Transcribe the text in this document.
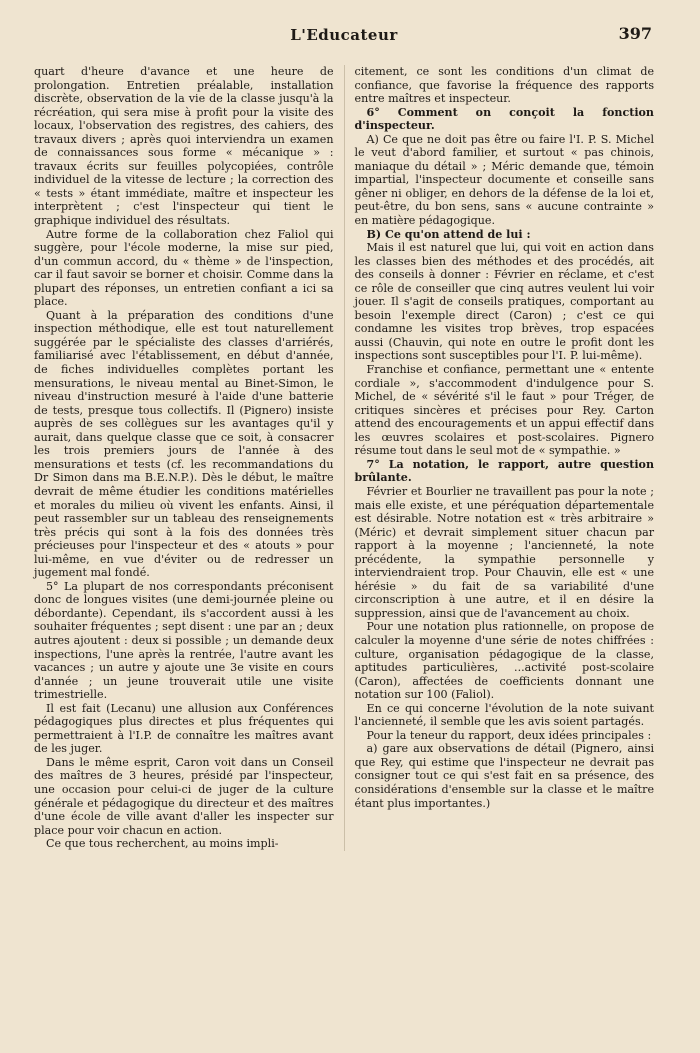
L'Educateur	397

quart d'heure d'avance et une heure de prolongation. Entretien préalable, installation discrète, observation de la vie de la classe jusqu'à la récréation, qui sera mise à profit pour la visite des locaux, l'observation des registres, des cahiers, des travaux divers ; après quoi interviendra un examen de connaissances sous forme « mécanique » : travaux écrits sur feuilles polycopiées, contrôle individuel de la vitesse de lecture ; la correction des « tests » étant immédiate, maître et inspecteur les interprètent ; c'est l'inspecteur qui tient le graphique individuel des résultats.

Autre forme de la collaboration chez Faliol qui suggère, pour l'école moderne, la mise sur pied, d'un commun accord, du « thème » de l'inspection, car il faut savoir se borner et choisir. Comme dans la plupart des réponses, un entretien confiant a ici sa place.

Quant à la préparation des conditions d'une inspection méthodique, elle est tout naturellement suggérée par le spécialiste des classes d'arriérés, familiarisé avec l'établissement, en début d'année, de fiches individuelles complètes portant les mensurations, le niveau mental au Binet-Simon, le niveau d'instruction mesuré à l'aide d'une batterie de tests, presque tous collectifs. Il (Pignero) insiste auprès de ses collègues sur les avantages qu'il y aurait, dans quelque classe que ce soit, à consacrer les trois premiers jours de l'année à des mensurations et tests (cf. les recommandations du Dr Simon dans ma B.E.N.P.). Dès le début, le maître devrait de même étudier les conditions matérielles et morales du milieu où vivent les enfants. Ainsi, il peut rassembler sur un tableau des renseignements très précis qui sont à la fois des données très précieuses pour l'inspecteur et des « atouts » pour lui-même, en vue d'éviter ou de redresser un jugement mal fondé.

5° La plupart de nos correspondants préconisent donc de longues visites (une demi-journée pleine ou débordante). Cependant, ils s'accordent aussi à les souhaiter fréquentes ; sept disent : une par an ; deux autres ajoutent : deux si possible ; un demande deux inspections, l'une après la rentrée, l'autre avant les vacances ; un autre y ajoute une 3e visite en cours d'année ; un jeune trouverait utile une visite trimestrielle.

Il est fait (Lecanu) une allusion aux Conférences pédagogiques plus directes et plus fréquentes qui permettraient à l'I.P. de connaître les maîtres avant de les juger.

Dans le même esprit, Caron voit dans un Conseil des maîtres de 3 heures, présidé par l'inspecteur, une occasion pour celui-ci de juger de la culture générale et pédagogique du directeur et des maîtres d'une école de ville avant d'aller les inspecter sur place pour voir chacun en action.

Ce que tous recherchent, au moins impli-

citement, ce sont les conditions d'un climat de confiance, que favorise la fréquence des rapports entre maîtres et inspecteur.

6° Comment on conçoit la fonction d'inspecteur.

A) Ce que ne doit pas être ou faire l'I. P. S. Michel le veut d'abord familier, et surtout « pas chinois, maniaque du détail » ; Méric demande que, témoin impartial, l'inspecteur documente et conseille sans gêner ni obliger, en dehors de la défense de la loi et, peut-être, du bon sens, sans « aucune contrainte » en matière pédagogique.

B) Ce qu'on attend de lui :

Mais il est naturel que lui, qui voit en action dans les classes bien des méthodes et des procédés, ait des conseils à donner : Février en réclame, et c'est ce rôle de conseiller que cinq autres veulent lui voir jouer. Il s'agit de conseils pratiques, comportant au besoin l'exemple direct (Caron) ; c'est ce qui condamne les visites trop brèves, trop espacées aussi (Chauvin, qui note en outre le profit dont les inspections sont susceptibles pour l'I. P. lui-même).

Franchise et confiance, permettant une « entente cordiale », s'accommodent d'indulgence pour S. Michel, de « sévérité s'il le faut » pour Tréger, de critiques sincères et précises pour Rey. Carton attend des encouragements et un appui effectif dans les œuvres scolaires et post-scolaires. Pignero résume tout dans le seul mot de « sympathie. »

7° La notation, le rapport, autre question brûlante.

Février et Bourlier ne travaillent pas pour la note ; mais elle existe, et une péréquation départementale est désirable. Notre notation est « très arbitraire » (Méric) et devrait simplement situer chacun par rapport à la moyenne ; l'ancienneté, la note précédente, la sympathie personnelle y interviendraient trop. Pour Chauvin, elle est « une hérésie » du fait de sa variabilité d'une circonscription à une autre, et il en désire la suppression, ainsi que de l'avancement au choix.

Pour une notation plus rationnelle, on propose de calculer la moyenne d'une série de notes chiffrées : culture, organisation pédagogique de la classe, aptitudes particulières, ...activité post-scolaire (Caron), affectées de coefficients donnant une notation sur 100 (Faliol).

En ce qui concerne l'évolution de la note suivant l'ancienneté, il semble que les avis soient partagés.

Pour la teneur du rapport, deux idées principales :

a) gare aux observations de détail (Pignero, ainsi que Rey, qui estime que l'inspecteur ne devrait pas consigner tout ce qui s'est fait en sa présence, des considérations d'ensemble sur la classe et le maître étant plus importantes.)
